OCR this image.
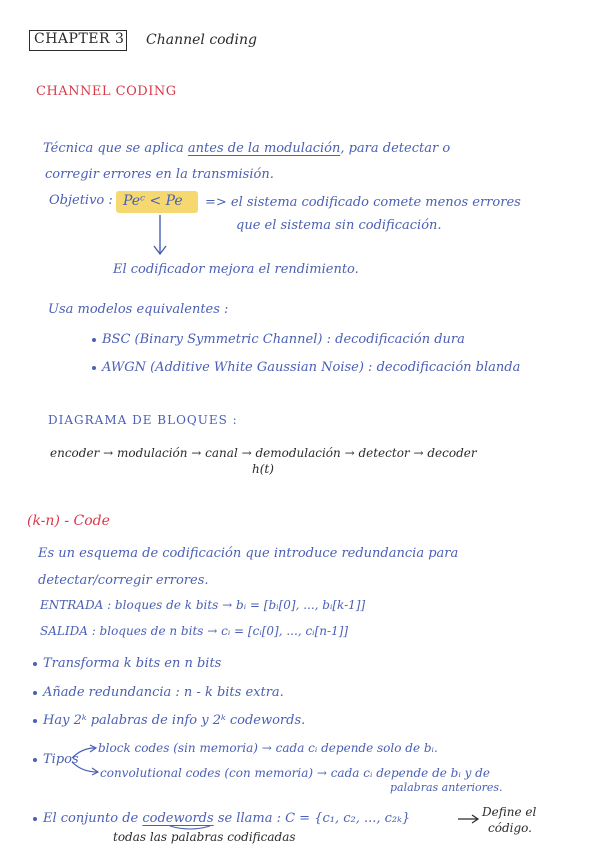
CHAPTER 3 Channel coding
CHANNEL CODING
Técnica que se aplica antes de la modulación, para detectar o
corregir errores en la transmisión.
Objetivo : Peᶜ < Pe => el sistema codificado comete menos errores
que el sistema sin codificación.
El codificador mejora el rendimiento.
Usa modelos equivalentes :
BSC (Binary Symmetric Channel) : decodificación dura
AWGN (Additive White Gaussian Noise) : decodificación blanda
DIAGRAMA DE BLOQUES :
encoder → modulación → canal → demodulación → detector → decoder
h(t)
(k-n) - Code
Es un esquema de codificación que introduce redundancia para
detectar/corregir errores.
ENTRADA : bloques de k bits → bᵢ = [bᵢ[0], ..., bᵢ[k-1]]
SALIDA : bloques de n bits → cᵢ = [cᵢ[0], ..., cᵢ[n-1]]
Transforma k bits en n bits
Añade redundancia : n - k bits extra.
Hay 2ᵏ palabras de info y 2ᵏ codewords.
Tipos
block codes (sin memoria) → cada cᵢ depende solo de bᵢ.
convolutional codes (con memoria) → cada cᵢ depende de bᵢ y de
palabras anteriores.
El conjunto de codewords se llama : C = {c₁, c₂, ..., c₂ₖ}	Define el
código.
todas las palabras codificadas
